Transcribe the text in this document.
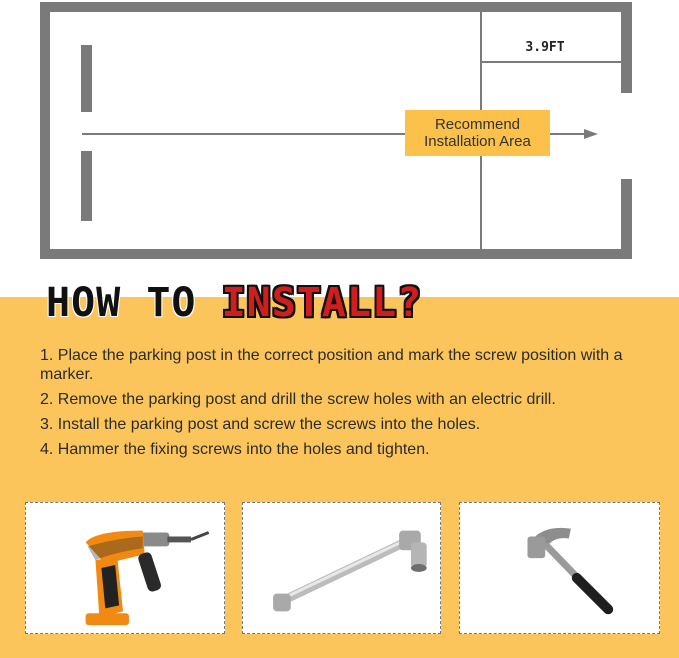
3.9FT
Recommend
Installation Area
HOW TO INSTALL?
1. Place the parking post in the correct position and mark the screw position with a marker.
2. Remove the parking post and drill the screw holes with an electric drill.
3. Install the parking post and screw the screws into the holes.
4. Hammer the fixing screws into the holes and tighten.
